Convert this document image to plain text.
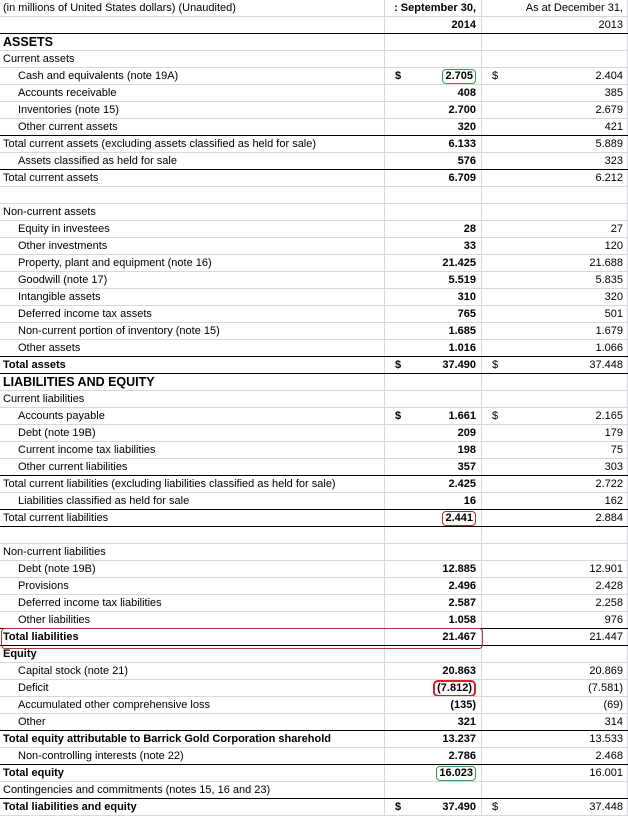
(in millions of United States dollars) (Unaudited)	: September 30,	As at December 31,
2014	2013
ASSETS
Current assets
Cash and equivalents (note 19A)	$	2.705	$	2.404
Accounts receivable	408	385
Inventories (note 15)	2.700	2.679
Other current assets	320	421
Total current assets (excluding assets classified as held for sale)	6.133	5.889
Assets classified as held for sale	576	323
Total current assets	6.709	6.212
Non-current assets
Equity in investees	28	27
Other investments	33	120
Property, plant and equipment (note 16)	21.425	21.688
Goodwill (note 17)	5.519	5.835
Intangible assets	310	320
Deferred income tax assets	765	501
Non-current portion of inventory (note 15)	1.685	1.679
Other assets	1.016	1.066
Total assets	$	37.490	$	37.448
LIABILITIES AND EQUITY
Current liabilities
Accounts payable	$	1.661	$	2.165
Debt (note 19B)	209	179
Current income tax liabilities	198	75
Other current liabilities	357	303
Total current liabilities (excluding liabilities classified as held for sale)	2.425	2.722
Liabilities classified as held for sale	16	162
Total current liabilities	2.441	2.884
Non-current liabilities
Debt (note 19B)	12.885	12.901
Provisions	2.496	2.428
Deferred income tax liabilities	2.587	2.258
Other liabilities	1.058	976
Total liabilities	21.467	21.447
Equity
Capital stock (note 21)	20.863	20.869
Deficit	(7.812)	(7.581)
Accumulated other comprehensive loss	(135)	(69)
Other	321	314
Total equity attributable to Barrick Gold Corporation sharehold	13.237	13.533
Non-controlling interests (note 22)	2.786	2.468
Total equity	16.023	16.001
Contingencies and commitments (notes 15, 16 and 23)
Total liabilities and equity	$	37.490	$	37.448
